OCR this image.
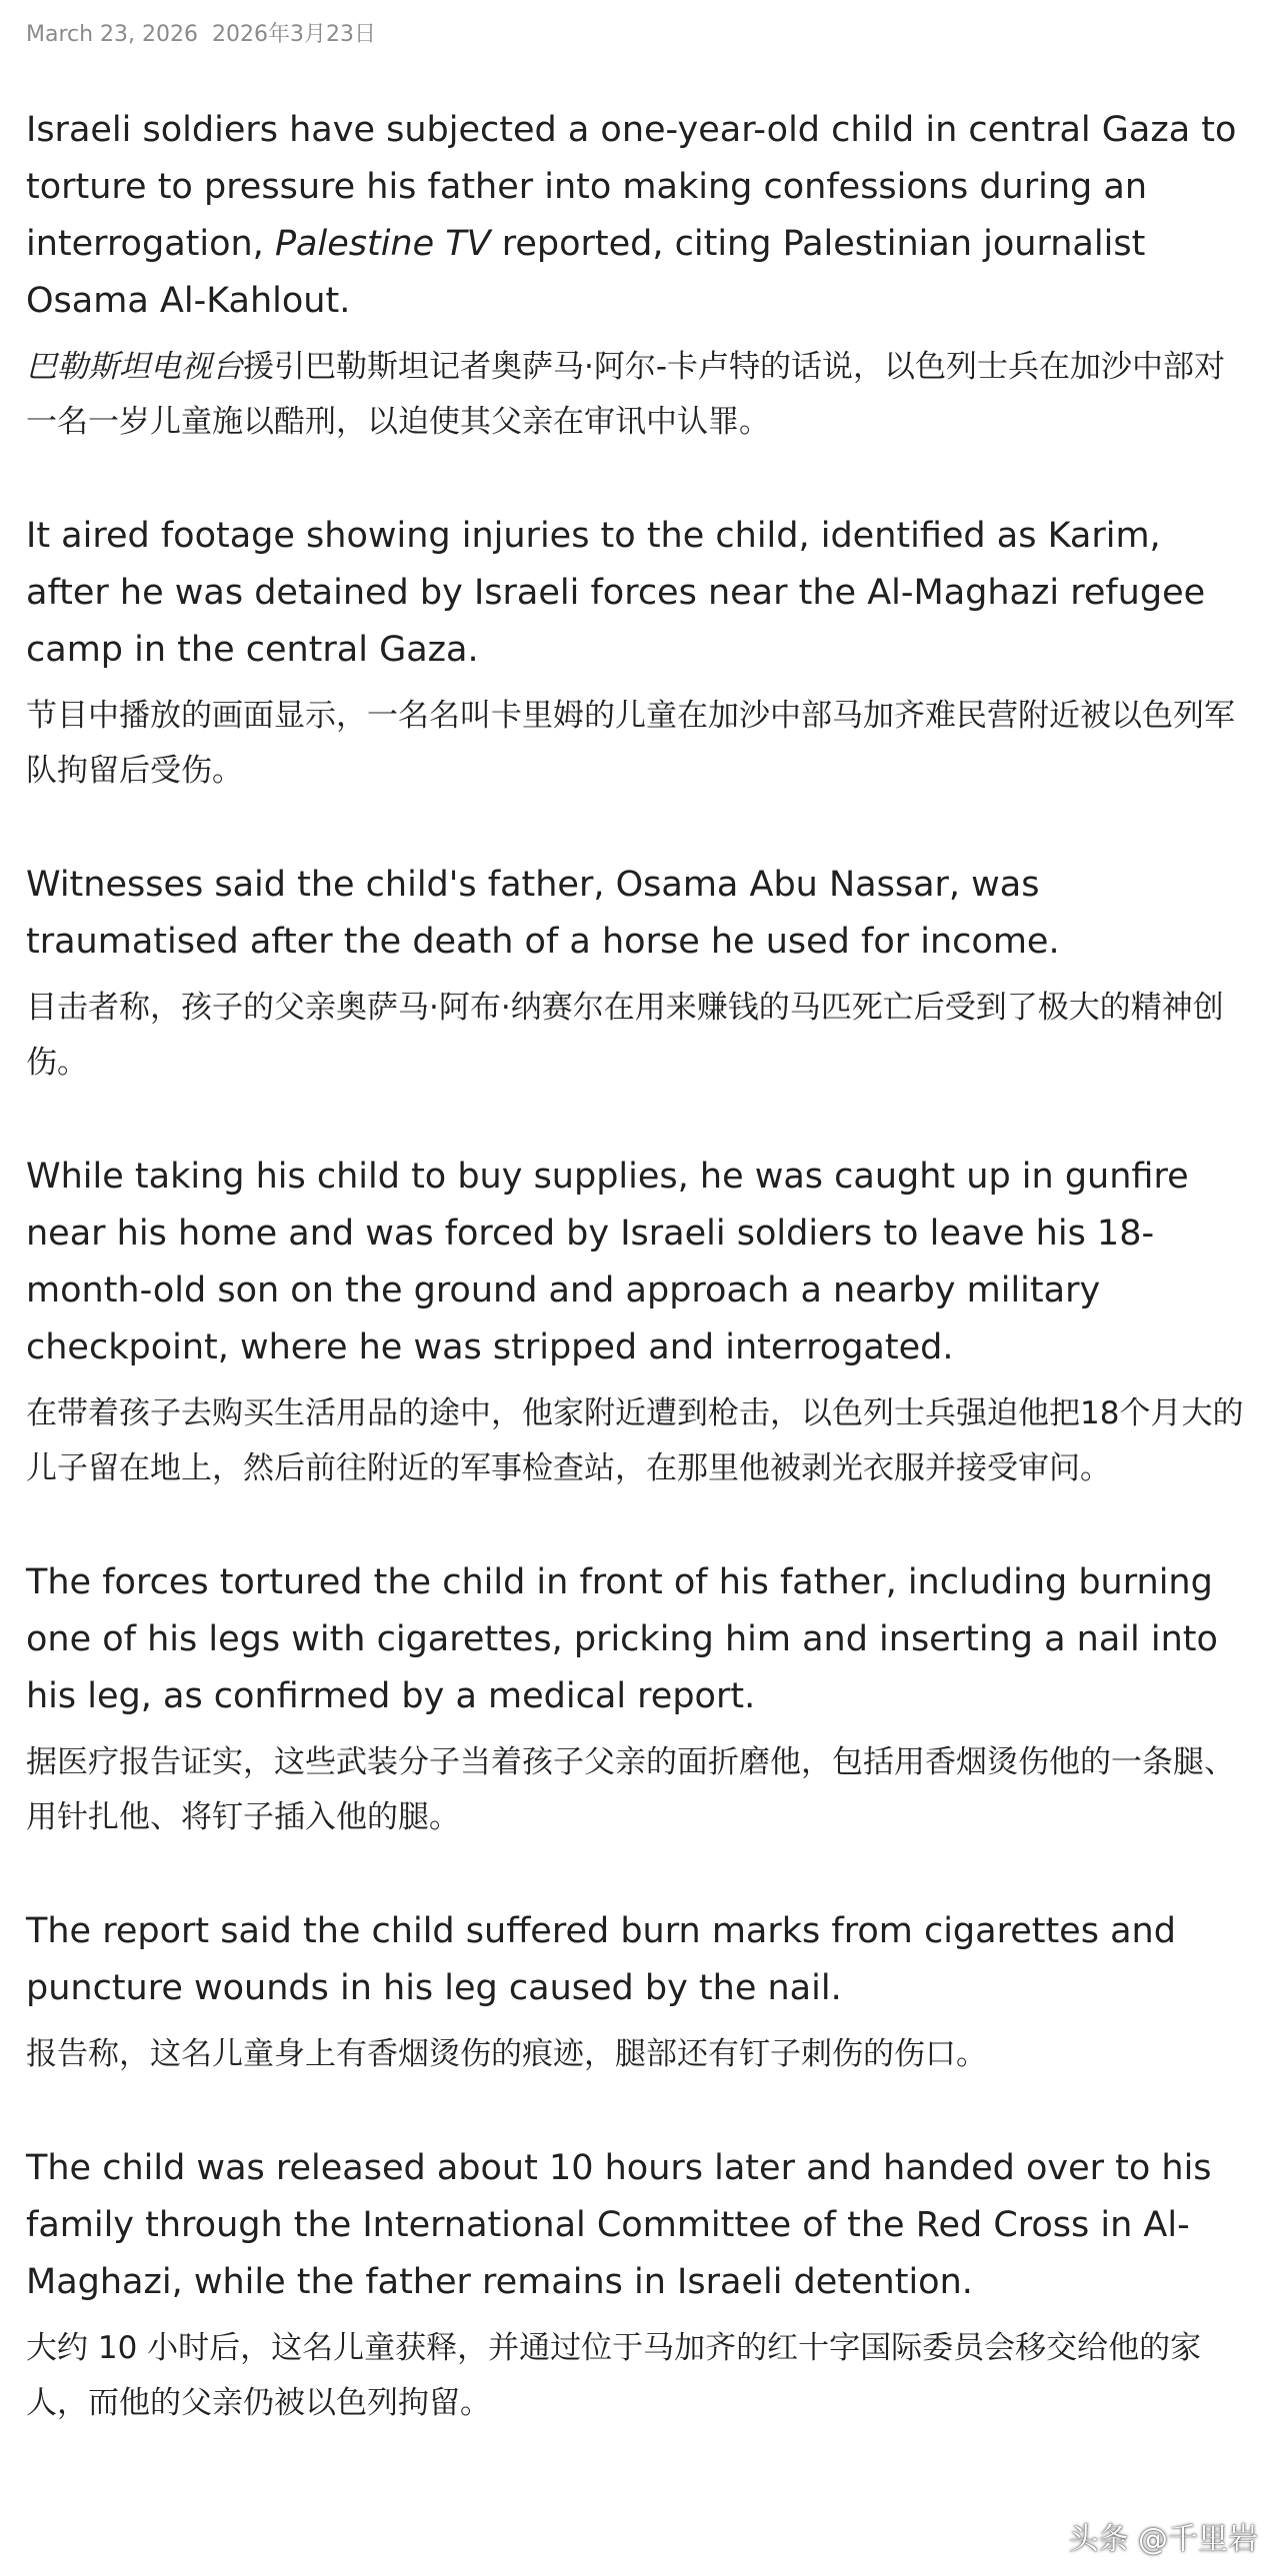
March 23, 2026 2026年3月23日

Israeli soldiers have subjected a one-year-old child in central Gaza to torture to pressure his father into making confessions during an interrogation, Palestine TV reported, citing Palestinian journalist Osama Al-Kahlout.

巴勒斯坦电视台援引巴勒斯坦记者奥萨马·阿尔-卡卢特的话说，以色列士兵在加沙中部对一名一岁儿童施以酷刑，以迫使其父亲在审讯中认罪。

It aired footage showing injuries to the child, identified as Karim, after he was detained by Israeli forces near the Al-Maghazi refugee camp in the central Gaza.

节目中播放的画面显示，一名名叫卡里姆的儿童在加沙中部马加齐难民营附近被以色列军队拘留后受伤。

Witnesses said the child's father, Osama Abu Nassar, was traumatised after the death of a horse he used for income.

目击者称，孩子的父亲奥萨马·阿布·纳赛尔在用来赚钱的马匹死亡后受到了极大的精神创伤。

While taking his child to buy supplies, he was caught up in gunfire near his home and was forced by Israeli soldiers to leave his 18-month-old son on the ground and approach a nearby military checkpoint, where he was stripped and interrogated.

在带着孩子去购买生活用品的途中，他家附近遭到枪击，以色列士兵强迫他把18个月大的儿子留在地上，然后前往附近的军事检查站，在那里他被剥光衣服并接受审问。

The forces tortured the child in front of his father, including burning one of his legs with cigarettes, pricking him and inserting a nail into his leg, as confirmed by a medical report.

据医疗报告证实，这些武装分子当着孩子父亲的面折磨他，包括用香烟烫伤他的一条腿、用针扎他、将钉子插入他的腿。

The report said the child suffered burn marks from cigarettes and puncture wounds in his leg caused by the nail.

报告称，这名儿童身上有香烟烫伤的痕迹，腿部还有钉子刺伤的伤口。

The child was released about 10 hours later and handed over to his family through the International Committee of the Red Cross in Al-Maghazi, while the father remains in Israeli detention.

大约 10 小时后，这名儿童获释，并通过位于马加齐的红十字国际委员会移交给他的家人，而他的父亲仍被以色列拘留。

头条 @千里岩
